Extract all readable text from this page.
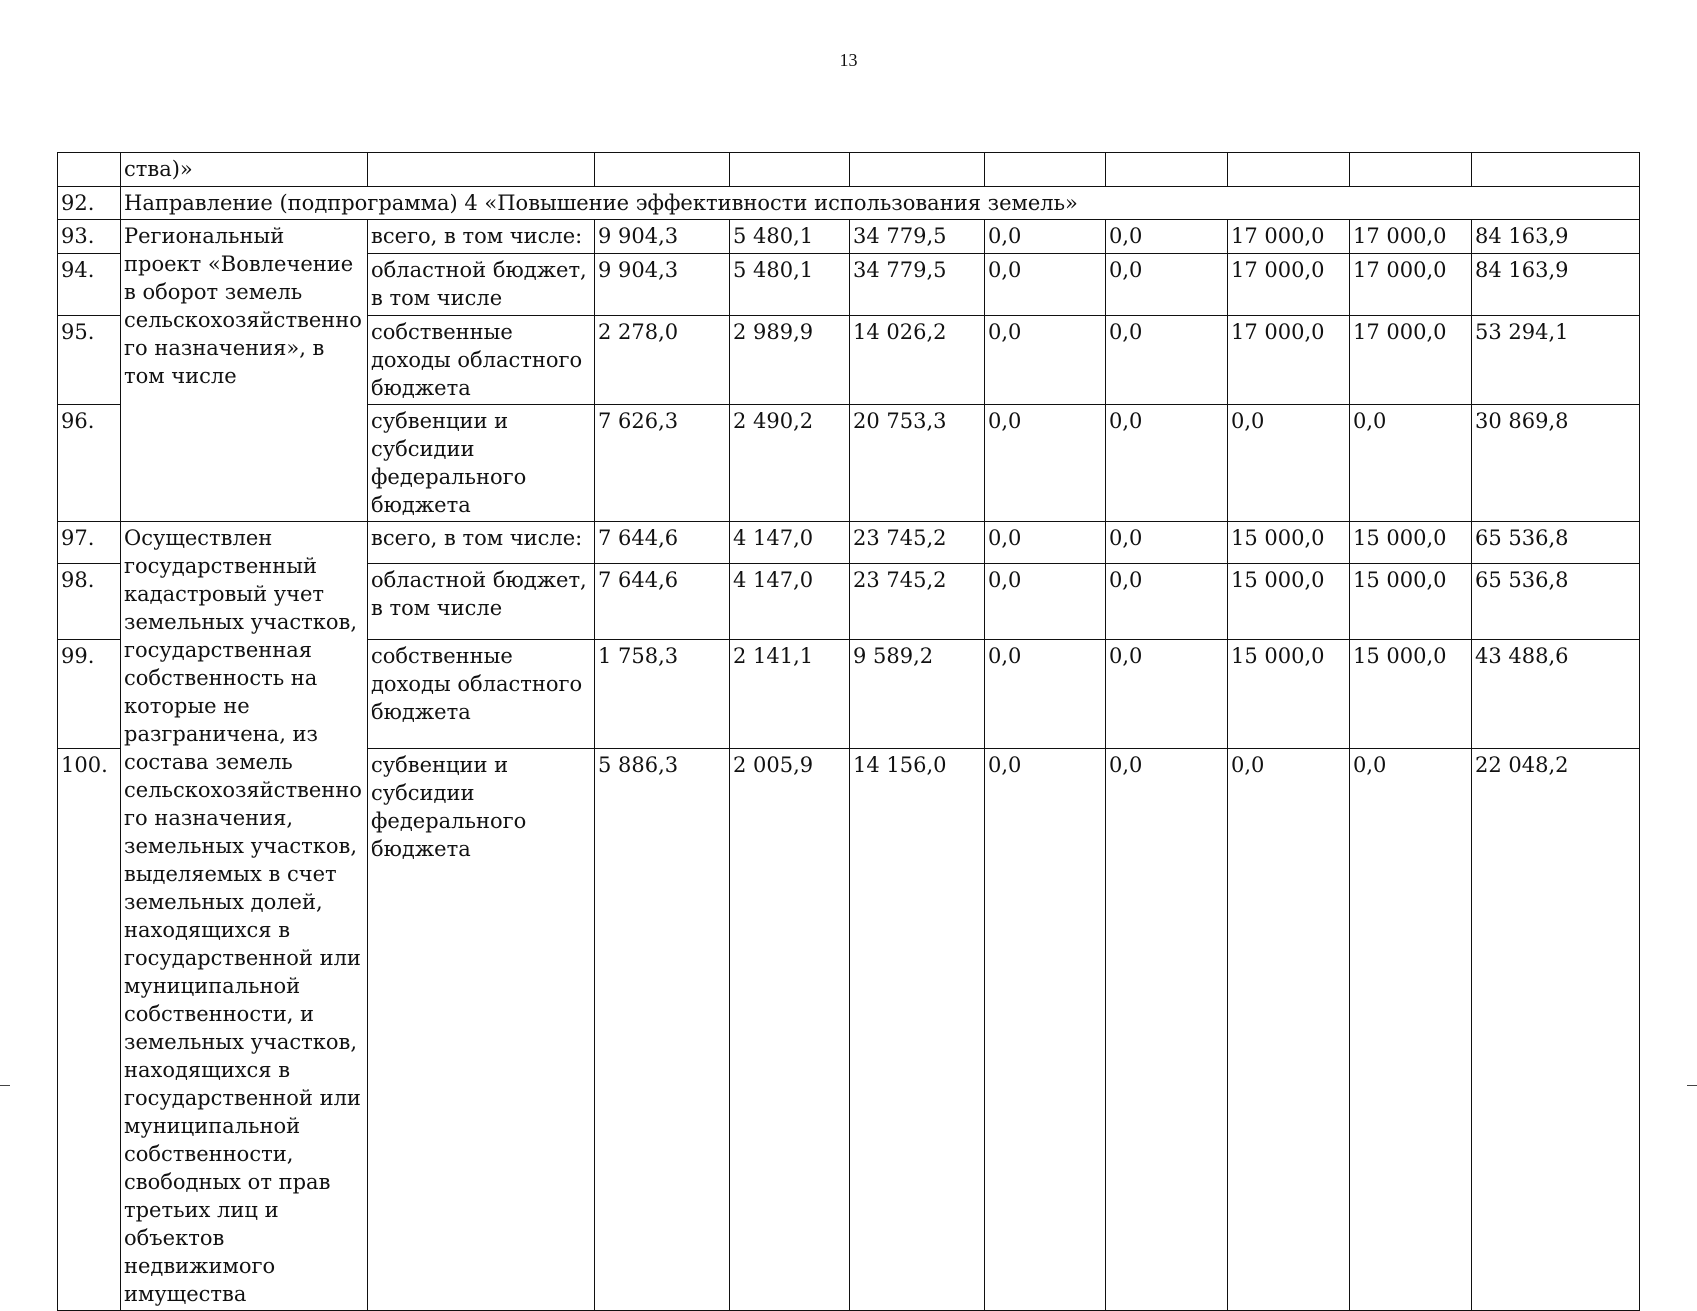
13
	ства)»									
92.	Направление (подпрограмма) 4 «Повышение эффективности использования земель»									
93.	Региональный проект «Вовлечение в оборот земель сельскохозяйственного назначения», в том числе	всего, в том числе:	9 904,3	5 480,1	34 779,5	0,0	0,0	17 000,0	17 000,0	84 163,9
94.		областной бюджет, в том числе	9 904,3	5 480,1	34 779,5	0,0	0,0	17 000,0	17 000,0	84 163,9
95.		собственные доходы областного бюджета	2 278,0	2 989,9	14 026,2	0,0	0,0	17 000,0	17 000,0	53 294,1
96.		субвенции и субсидии федерального бюджета	7 626,3	2 490,2	20 753,3	0,0	0,0	0,0	0,0	30 869,8
97.	Осуществлен государственный кадастровый учет земельных участков, государственная собственность на которые не разграничена, из состава земель сельскохозяйственного назначения, земельных участков, выделяемых в счет земельных долей, находящихся в государственной или муниципальной собственности, и земельных участков, находящихся в государственной или муниципальной собственности, свободных от прав третьих лиц и объектов недвижимого имущества	всего, в том числе:	7 644,6	4 147,0	23 745,2	0,0	0,0	15 000,0	15 000,0	65 536,8
98.		областной бюджет, в том числе	7 644,6	4 147,0	23 745,2	0,0	0,0	15 000,0	15 000,0	65 536,8
99.		собственные доходы областного бюджета	1 758,3	2 141,1	9 589,2	0,0	0,0	15 000,0	15 000,0	43 488,6
100.		субвенции и субсидии федерального бюджета	5 886,3	2 005,9	14 156,0	0,0	0,0	0,0	0,0	22 048,2
